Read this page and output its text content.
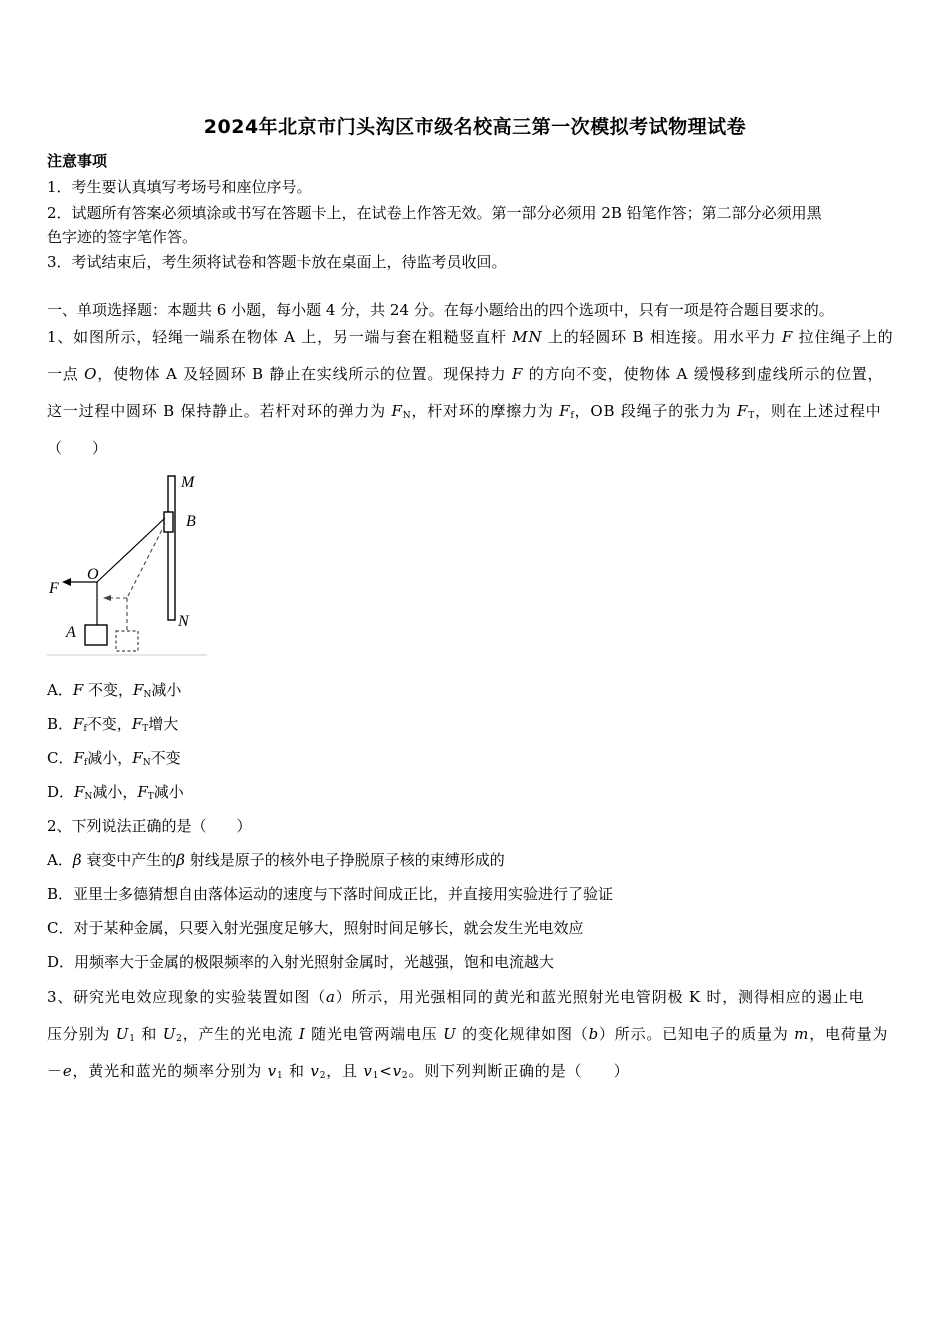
2024年北京市门头沟区市级名校高三第一次模拟考试物理试卷
注意事项
1．考生要认真填写考场号和座位序号。
2．试题所有答案必须填涂或书写在答题卡上，在试卷上作答无效。第一部分必须用 2B 铅笔作答；第二部分必须用黑
色字迹的签字笔作答。
3．考试结束后，考生须将试卷和答题卡放在桌面上，待监考员收回。
一、单项选择题：本题共 6 小题，每小题 4 分，共 24 分。在每小题给出的四个选项中，只有一项是符合题目要求的。
1、如图所示，轻绳一端系在物体 A 上，另一端与套在粗糙竖直杆 MN 上的轻圆环 B 相连接。用水平力 F 拉住绳子上的
一点 O，使物体 A 及轻圆环 B 静止在实线所示的位置。现保持力 F 的方向不变，使物体 A 缓慢移到虚线所示的位置，
这一过程中圆环 B 保持静止。若杆对环的弹力为 $F_N$，杆对环的摩擦力为 $F_f$，OB 段绳子的张力为 $F_T$，则在上述过程中
（　　）
M
B
F
O
A
N
A．F 不变，$F_N$减小
B．$F_f$不变，$F_T$增大
C．$F_f$减小，$F_N$不变
D．$F_N$减小，$F_T$减小
2、下列说法正确的是（　　）
A．β 衰变中产生的β 射线是原子的核外电子挣脱原子核的束缚形成的
B．亚里士多德猜想自由落体运动的速度与下落时间成正比，并直接用实验进行了验证
C．对于某种金属，只要入射光强度足够大，照射时间足够长，就会发生光电效应
D．用频率大于金属的极限频率的入射光照射金属时，光越强，饱和电流越大
3、研究光电效应现象的实验装置如图（a）所示，用光强相同的黄光和蓝光照射光电管阴极 K 时，测得相应的遏止电
压分别为 $U_1$ 和 $U_2$，产生的光电流 I 随光电管两端电压 U 的变化规律如图（b）所示。已知电子的质量为 m，电荷量为
－e，黄光和蓝光的频率分别为 $v_1$ 和 $v_2$，且 $v_1<v_2$。则下列判断正确的是（　　）
